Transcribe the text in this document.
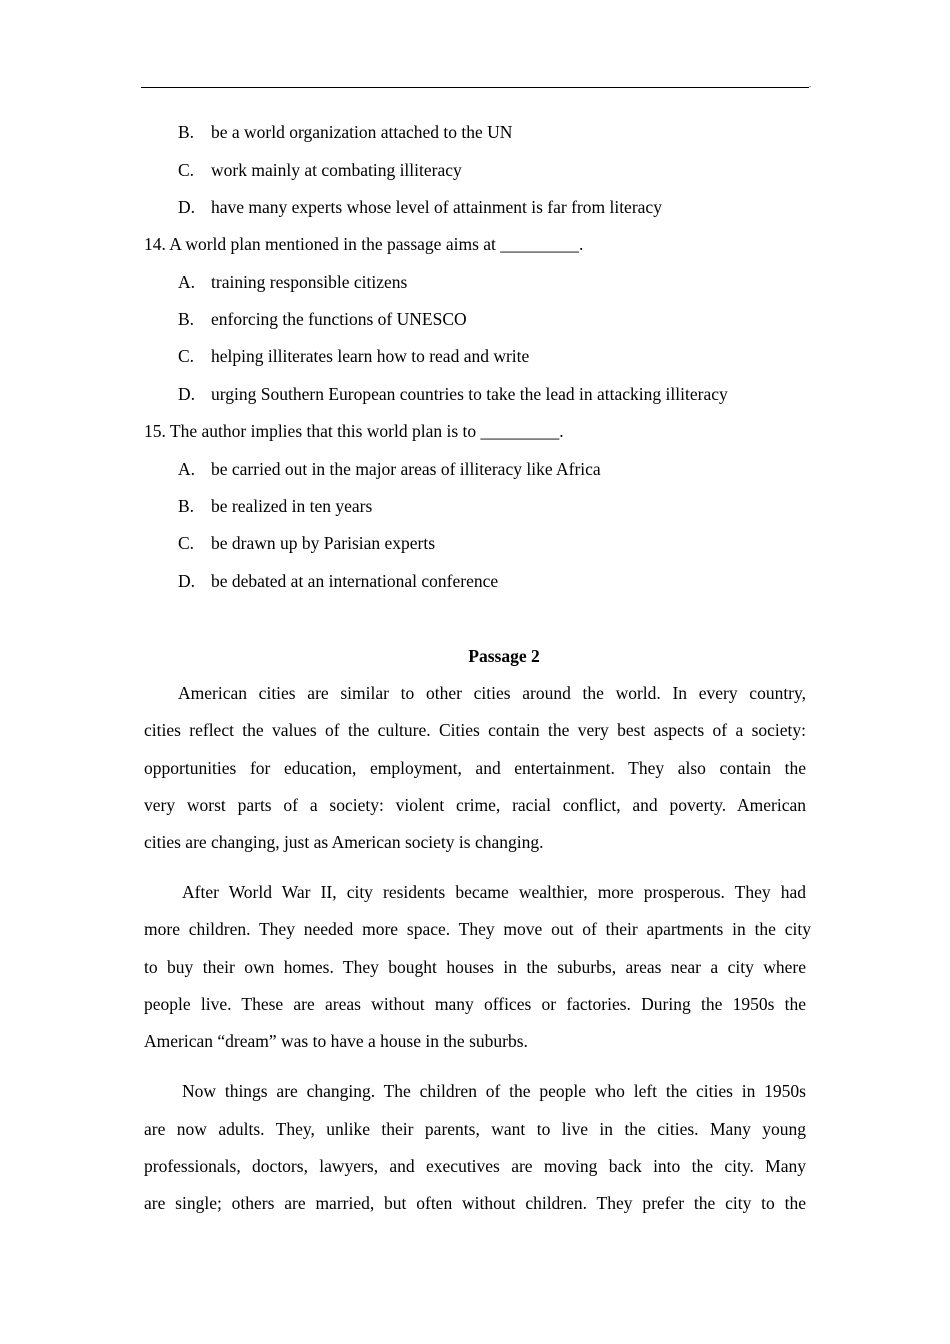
.
B. be a world organization attached to the UN
C. work mainly at combating illiteracy
D. have many experts whose level of attainment is far from literacy
14. A world plan mentioned in the passage aims at _________.
A. training responsible citizens
B. enforcing the functions of UNESCO
C. helping illiterates learn how to read and write
D. urging Southern European countries to take the lead in attacking illiteracy
15. The author implies that this world plan is to _________.
A. be carried out in the major areas of illiteracy like Africa
B. be realized in ten years
C. be drawn up by Parisian experts
D. be debated at an international conference
Passage 2
American cities are similar to other cities around the world. In every country,
cities reflect the values of the culture. Cities contain the very best aspects of a society:
opportunities for education, employment, and entertainment. They also contain the
very worst parts of a society: violent crime, racial conflict, and poverty. American
cities are changing, just as American society is changing.
After World War II, city residents became wealthier, more prosperous. They had
more children. They needed more space. They move out of their apartments in the city
to buy their own homes. They bought houses in the suburbs, areas near a city where
people live. These are areas without many offices or factories. During the 1950s the
American “dream” was to have a house in the suburbs.
Now things are changing. The children of the people who left the cities in 1950s
are now adults. They, unlike their parents, want to live in the cities. Many young
professionals, doctors, lawyers, and executives are moving back into the city. Many
are single; others are married, but often without children. They prefer the city to the
